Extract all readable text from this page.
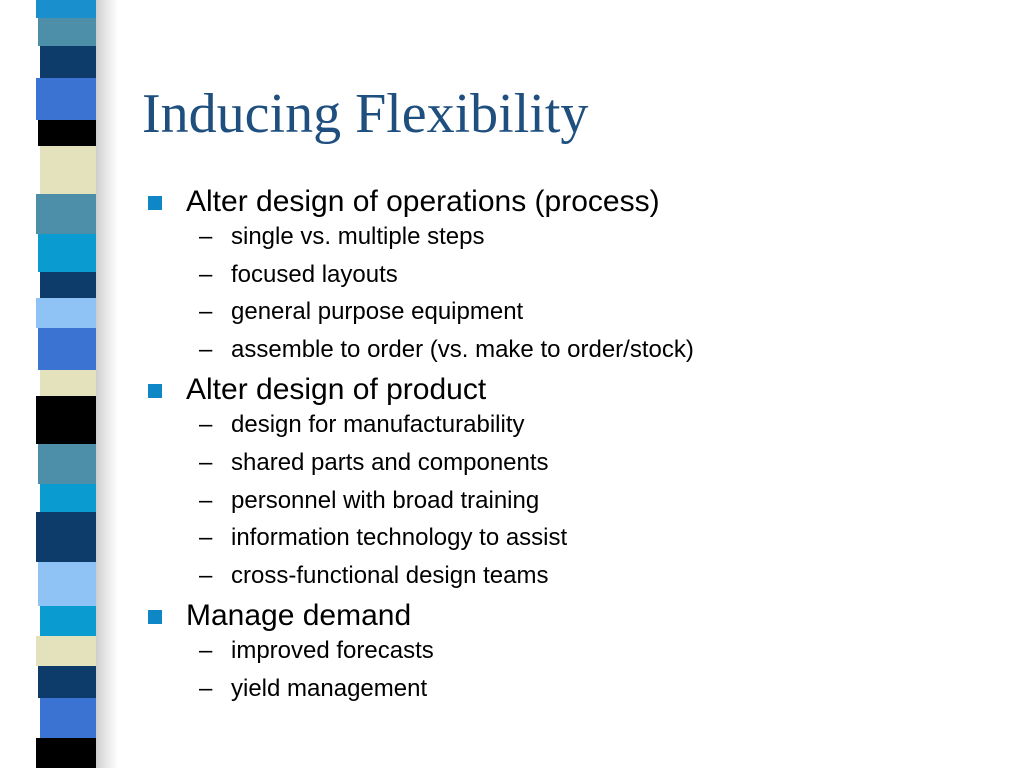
Inducing Flexibility
Alter design of operations (process)
– single vs. multiple steps
– focused layouts
– general purpose equipment
– assemble to order (vs. make to order/stock)
Alter design of product
– design for manufacturability
– shared parts and components
– personnel with broad training
– information technology to assist
– cross-functional design teams
Manage demand
– improved forecasts
– yield management
